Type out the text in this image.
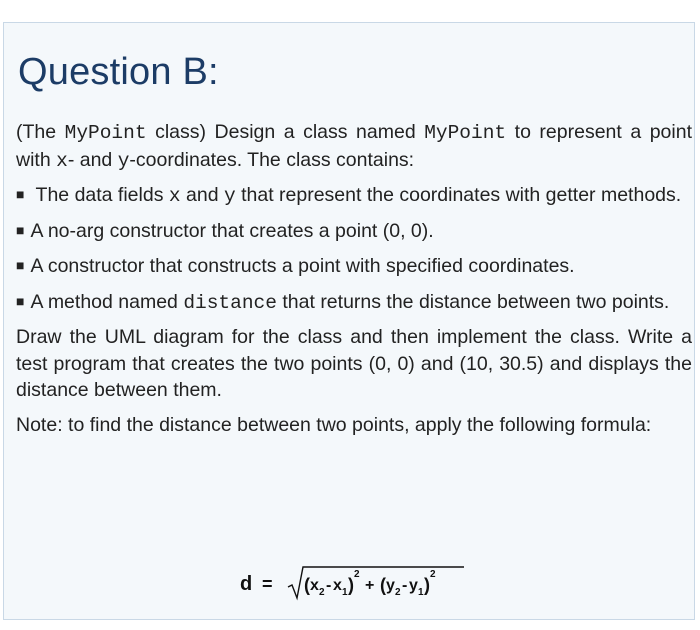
Question B:

(The MyPoint class) Design a class named MyPoint to represent a point with x- and y-coordinates. The class contains:

■ The data fields x and y that represent the coordinates with getter methods.

■ A no-arg constructor that creates a point (0, 0).

■ A constructor that constructs a point with specified coordinates.

■ A method named distance that returns the distance between two points.

Draw the UML diagram for the class and then implement the class. Write a test program that creates the two points (0, 0) and (10, 30.5) and displays the distance between them.

Note: to find the distance between two points, apply the following formula:

d = ( x 2 - x 1 )
2
+ ( y 2 - y 1 )
2
